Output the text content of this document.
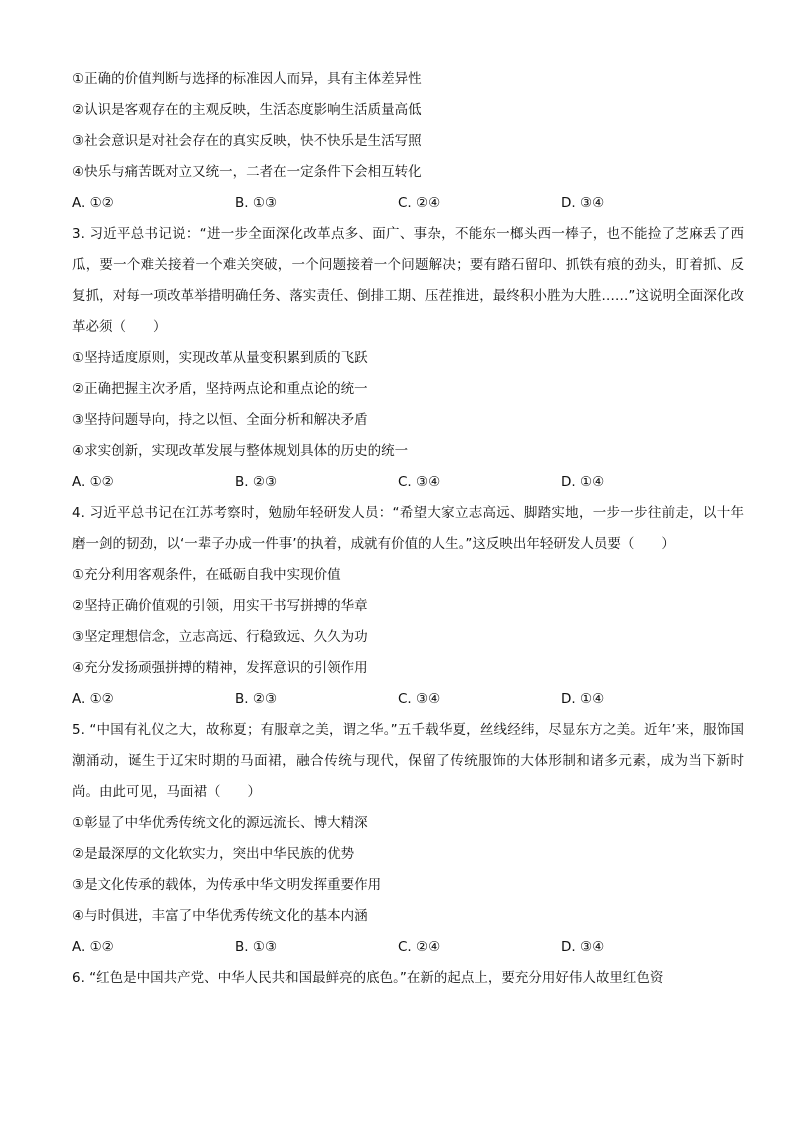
①正确的价值判断与选择的标准因人而异，具有主体差异性
②认识是客观存在的主观反映，生活态度影响生活质量高低
③社会意识是对社会存在的真实反映，快不快乐是生活写照
④快乐与痛苦既对立又统一，二者在一定条件下会相互转化
A. ①②	B. ①③	C. ②④	D. ③④
3. 习近平总书记说：“进一步全面深化改革点多、面广、事杂，不能东一榔头西一棒子，也不能捡了芝麻丢了西瓜，要一个难关接着一个难关突破，一个问题接着一个问题解决；要有踏石留印、抓铁有痕的劲头，盯着抓、反复抓，对每一项改革举措明确任务、落实责任、倒排工期、压茬推进，最终积小胜为大胜……”这说明全面深化改革必须（　　）
①坚持适度原则，实现改革从量变积累到质的飞跃
②正确把握主次矛盾，坚持两点论和重点论的统一
③坚持问题导向，持之以恒、全面分析和解决矛盾
④求实创新，实现改革发展与整体规划具体的历史的统一
A. ①②	B. ②③	C. ③④	D. ①④
4. 习近平总书记在江苏考察时，勉励年轻研发人员：“希望大家立志高远、脚踏实地，一步一步往前走，以十年磨一剑的韧劲，以‘一辈子办成一件事’的执着，成就有价值的人生。”这反映出年轻研发人员要（　　）
①充分利用客观条件，在砥砺自我中实现价值
②坚持正确价值观的引领，用实干书写拼搏的华章
③坚定理想信念，立志高远、行稳致远、久久为功
④充分发扬顽强拼搏的精神，发挥意识的引领作用
A. ①②	B. ②③	C. ③④	D. ①④
5. “中国有礼仪之大，故称夏；有服章之美，谓之华。”五千载华夏，丝线经纬，尽显东方之美。近年’来，服饰国潮涌动，诞生于辽宋时期的马面裙，融合传统与现代，保留了传统服饰的大体形制和诸多元素，成为当下新时尚。由此可见，马面裙（　　）
①彰显了中华优秀传统文化的源远流长、博大精深
②是最深厚的文化软实力，突出中华民族的优势
③是文化传承的载体，为传承中华文明发挥重要作用
④与时俱进，丰富了中华优秀传统文化的基本内涵
A. ①②	B. ①③	C. ②④	D. ③④
6. “红色是中国共产党、中华人民共和国最鲜亮的底色。”在新的起点上，要充分用好伟人故里红色资
